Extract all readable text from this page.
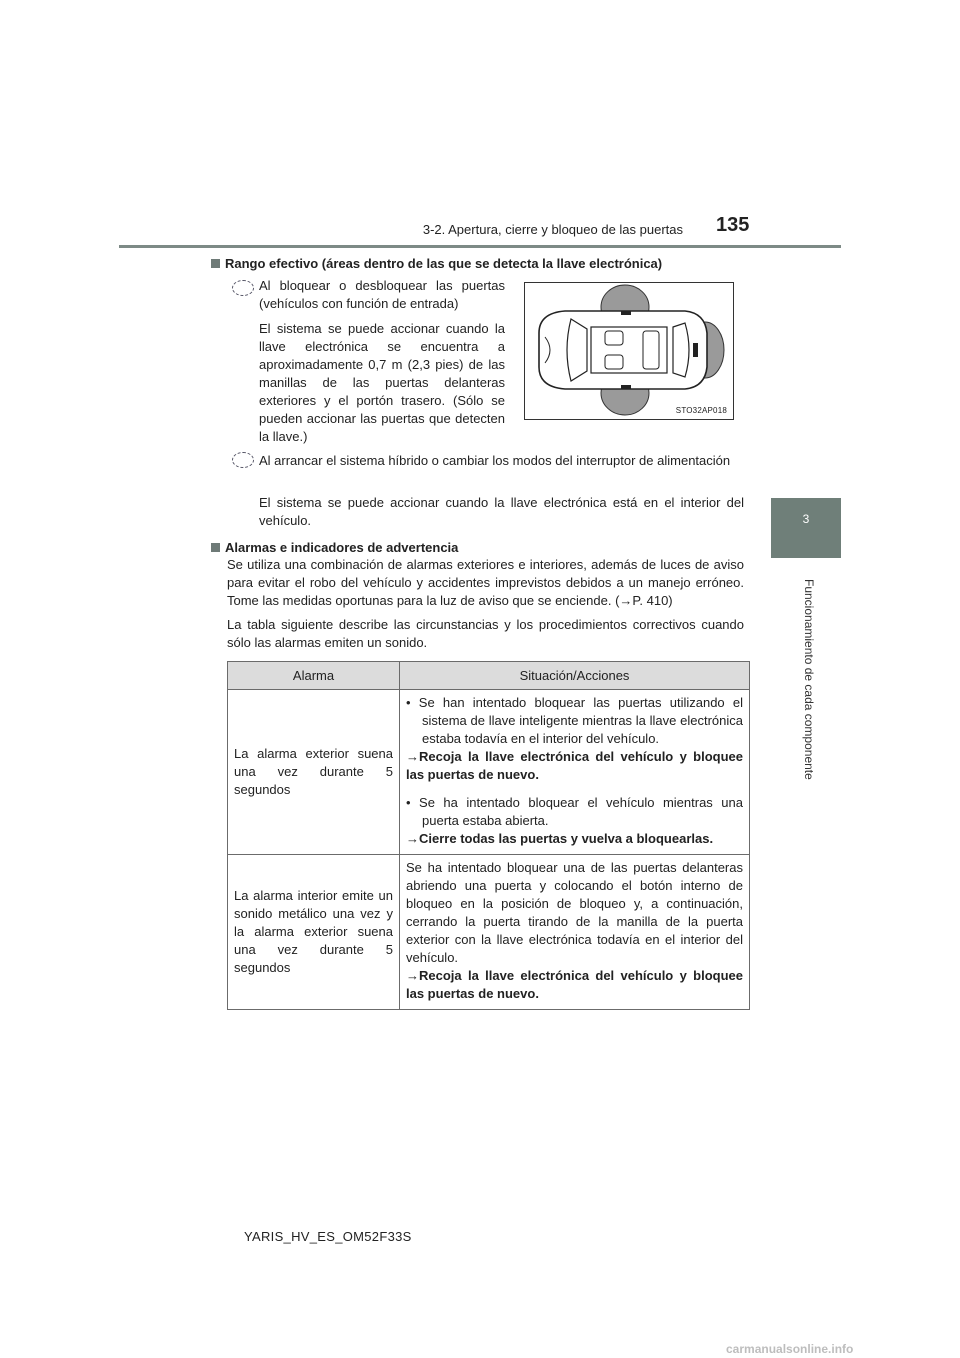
3-2. Apertura, cierre y bloqueo de las puertas 135
3
Funcionamiento de cada componente
Rango efectivo (áreas dentro de las que se detecta la llave electrónica)
Al bloquear o desbloquear las puertas (vehículos con función de entrada)
El sistema se puede accionar cuando la llave electrónica se encuentra a aproximadamente 0,7 m (2,3 pies) de las manillas de las puertas delanteras exteriores y el portón trasero. (Sólo se pueden accionar las puertas que detecten la llave.)
STO32AP018
Al arrancar el sistema híbrido o cambiar los modos del interruptor de alimentación
El sistema se puede accionar cuando la llave electrónica está en el interior del vehículo.
Alarmas e indicadores de advertencia
Se utiliza una combinación de alarmas exteriores e interiores, además de luces de aviso para evitar el robo del vehículo y accidentes imprevistos debidos a un manejo erróneo. Tome las medidas oportunas para la luz de aviso que se enciende. (→P. 410)
La tabla siguiente describe las circunstancias y los procedimientos correctivos cuando sólo las alarmas emiten un sonido.
Alarma	Situación/Acciones
La alarma exterior suena una vez durante 5 segundos	• Se han intentado bloquear las puertas utilizando el sistema de llave inteligente mientras la llave electrónica estaba todavía en el interior del vehículo.
→Recoja la llave electrónica del vehículo y bloquee las puertas de nuevo.
• Se ha intentado bloquear el vehículo mientras una puerta estaba abierta.
→Cierre todas las puertas y vuelva a bloquearlas.

La alarma interior emite un sonido metálico una vez y la alarma exterior suena una vez durante 5 segundos	Se ha intentado bloquear una de las puertas delanteras abriendo una puerta y colocando el botón interno de bloqueo en la posición de bloqueo y, a continuación, cerrando la puerta tirando de la manilla de la puerta exterior con la llave electrónica todavía en el interior del vehículo.
→Recoja la llave electrónica del vehículo y bloquee las puertas de nuevo.
YARIS_HV_ES_OM52F33S
carmanualsonline.info
